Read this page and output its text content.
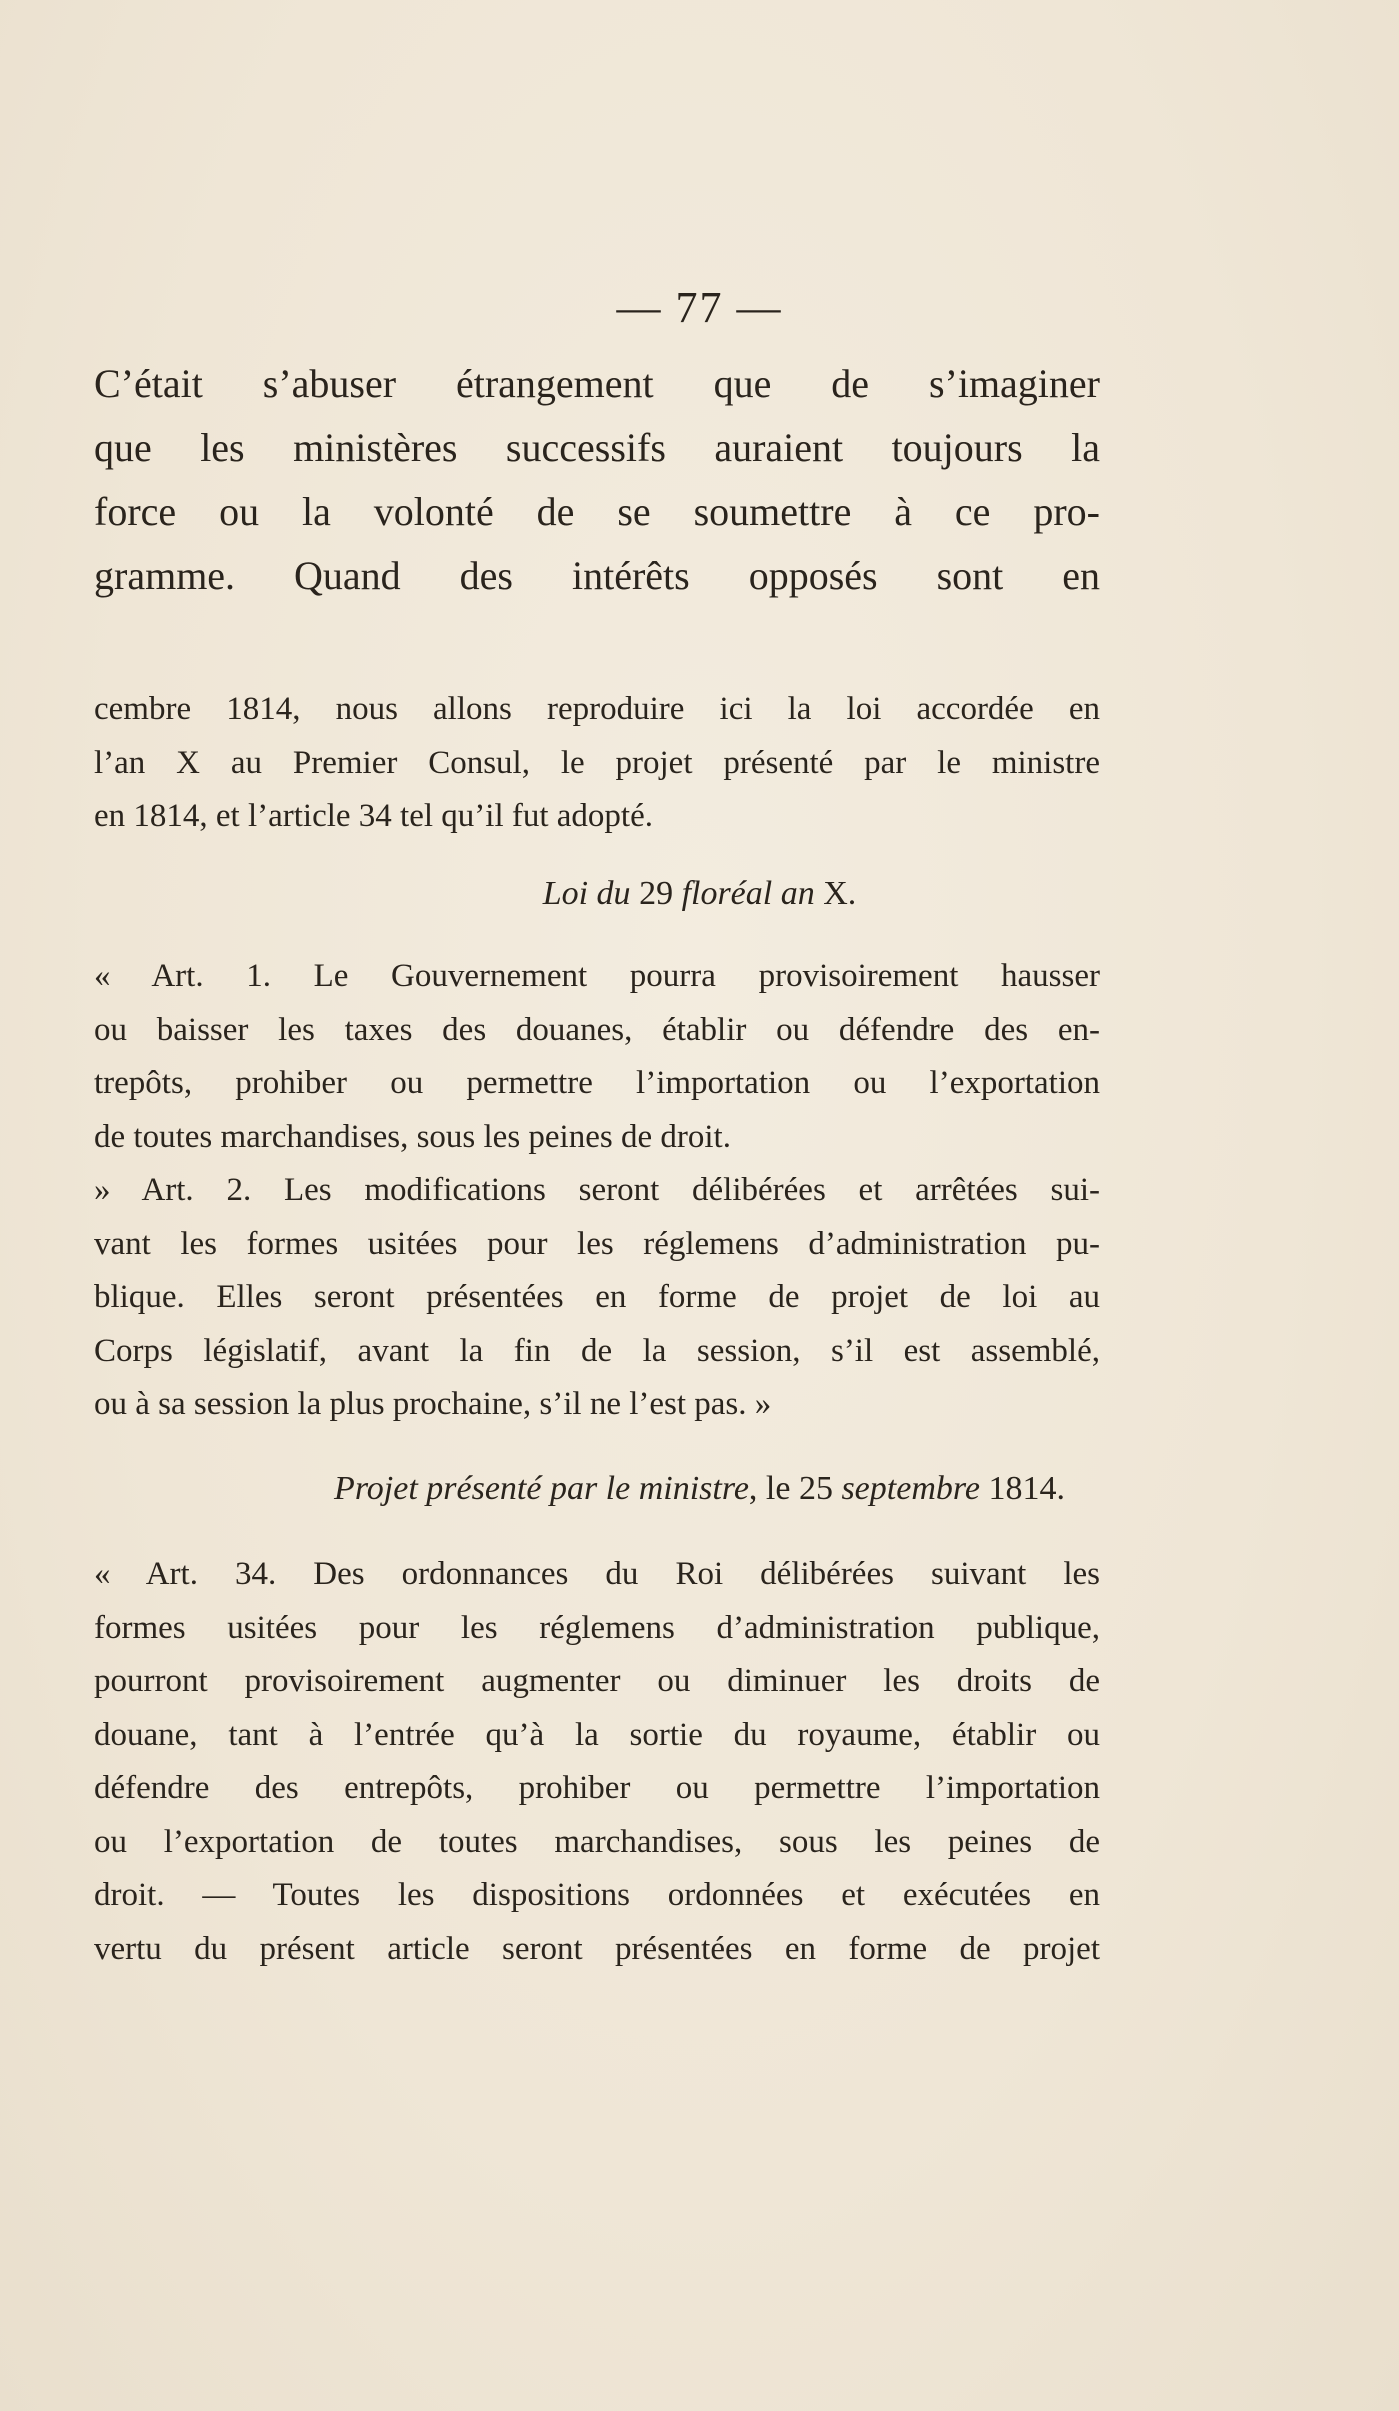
— 77 —
C’était s’abuser étrangement que de s’imaginer
que les ministères successifs auraient toujours la
force ou la volonté de se soumettre à ce pro-
gramme. Quand des intérêts opposés sont en
cembre 1814, nous allons reproduire ici la loi accordée en
l’an X au Premier Consul, le projet présenté par le ministre
en 1814, et l’article 34 tel qu’il fut adopté.
Loi du 29 floréal an X.
« Art. 1. Le Gouvernement pourra provisoirement hausser
ou baisser les taxes des douanes, établir ou défendre des en-
trepôts, prohiber ou permettre l’importation ou l’exportation
de toutes marchandises, sous les peines de droit.
» Art. 2. Les modifications seront délibérées et arrêtées sui-
vant les formes usitées pour les réglemens d’administration pu-
blique. Elles seront présentées en forme de projet de loi au
Corps législatif, avant la fin de la session, s’il est assemblé,
ou à sa session la plus prochaine, s’il ne l’est pas. »
Projet présenté par le ministre, le 25 septembre 1814.
« Art. 34. Des ordonnances du Roi délibérées suivant les
formes usitées pour les réglemens d’administration publique,
pourront provisoirement augmenter ou diminuer les droits de
douane, tant à l’entrée qu’à la sortie du royaume, établir ou
défendre des entrepôts, prohiber ou permettre l’importation
ou l’exportation de toutes marchandises, sous les peines de
droit. — Toutes les dispositions ordonnées et exécutées en
vertu du présent article seront présentées en forme de projet
